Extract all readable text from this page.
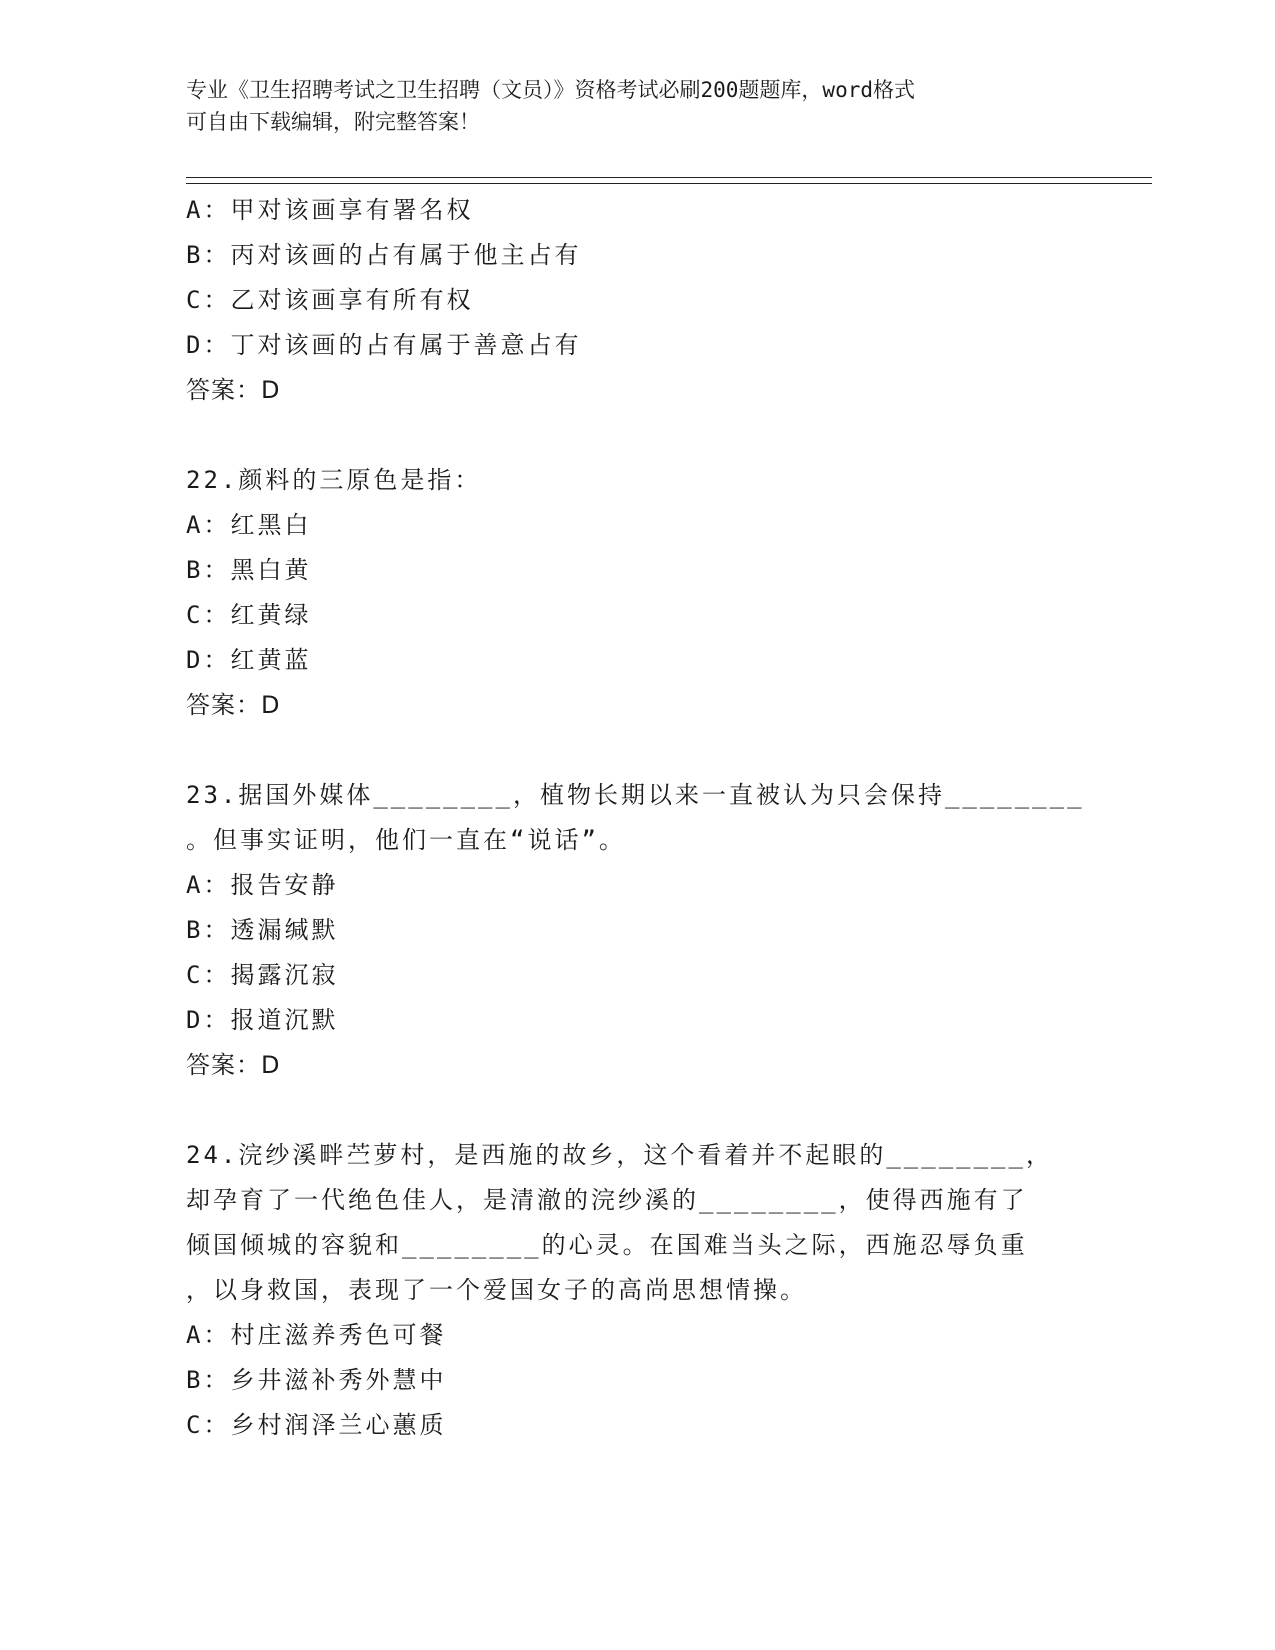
专业《卫生招聘考试之卫生招聘（文员）》资格考试必刷200题题库，word格式
可自由下载编辑，附完整答案！
A：甲对该画享有署名权
B：丙对该画的占有属于他主占有
C：乙对该画享有所有权
D：丁对该画的占有属于善意占有
答案：D
22.颜料的三原色是指：
A：红黑白
B：黑白黄
C：红黄绿
D：红黄蓝
答案：D
23.据国外媒体________，植物长期以来一直被认为只会保持________
。但事实证明，他们一直在“说话”。
A：报告安静
B：透漏缄默
C：揭露沉寂
D：报道沉默
答案：D
24.浣纱溪畔苎萝村，是西施的故乡，这个看着并不起眼的________，
却孕育了一代绝色佳人，是清澈的浣纱溪的________，使得西施有了
倾国倾城的容貌和________的心灵。在国难当头之际，西施忍辱负重
，以身救国，表现了一个爱国女子的高尚思想情操。
A：村庄滋养秀色可餐
B：乡井滋补秀外慧中
C：乡村润泽兰心蕙质
